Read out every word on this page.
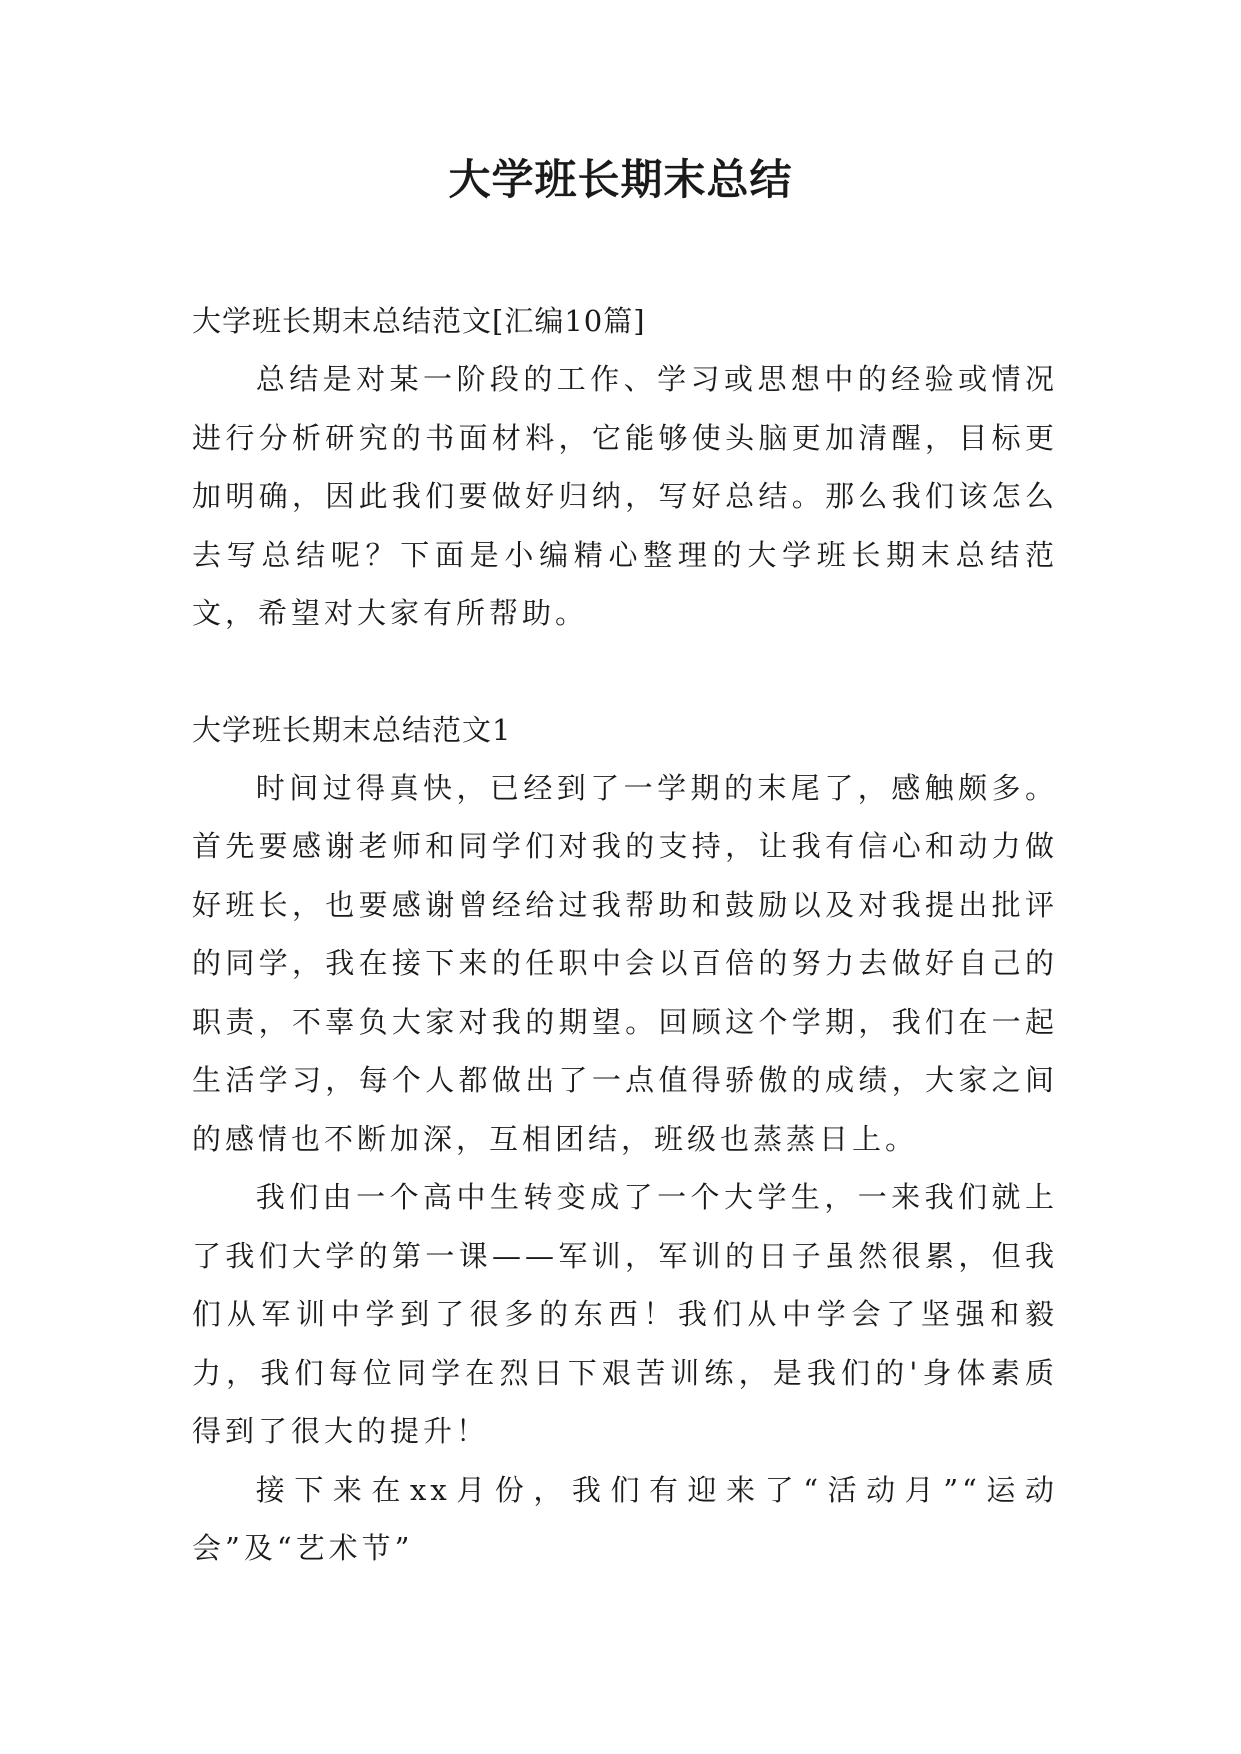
大学班长期末总结

大学班长期末总结范文[汇编10篇]

总结是对某一阶段的工作、学习或思想中的经验或情况进行分析研究的书面材料，它能够使头脑更加清醒，目标更加明确，因此我们要做好归纳，写好总结。那么我们该怎么去写总结呢？下面是小编精心整理的大学班长期末总结范文，希望对大家有所帮助。

大学班长期末总结范文1

时间过得真快，已经到了一学期的末尾了，感触颇多。首先要感谢老师和同学们对我的支持，让我有信心和动力做好班长，也要感谢曾经给过我帮助和鼓励以及对我提出批评的同学，我在接下来的任职中会以百倍的努力去做好自己的职责，不辜负大家对我的期望。回顾这个学期，我们在一起生活学习，每个人都做出了一点值得骄傲的成绩，大家之间的感情也不断加深，互相团结，班级也蒸蒸日上。

我们由一个高中生转变成了一个大学生，一来我们就上了我们大学的第一课——军训，军训的日子虽然很累，但我们从军训中学到了很多的东西！我们从中学会了坚强和毅力，我们每位同学在烈日下艰苦训练，是我们的'身体素质得到了很大的提升！

接下来在xx月份，我们有迎来了“活动月”“运动会”及“艺术节”
